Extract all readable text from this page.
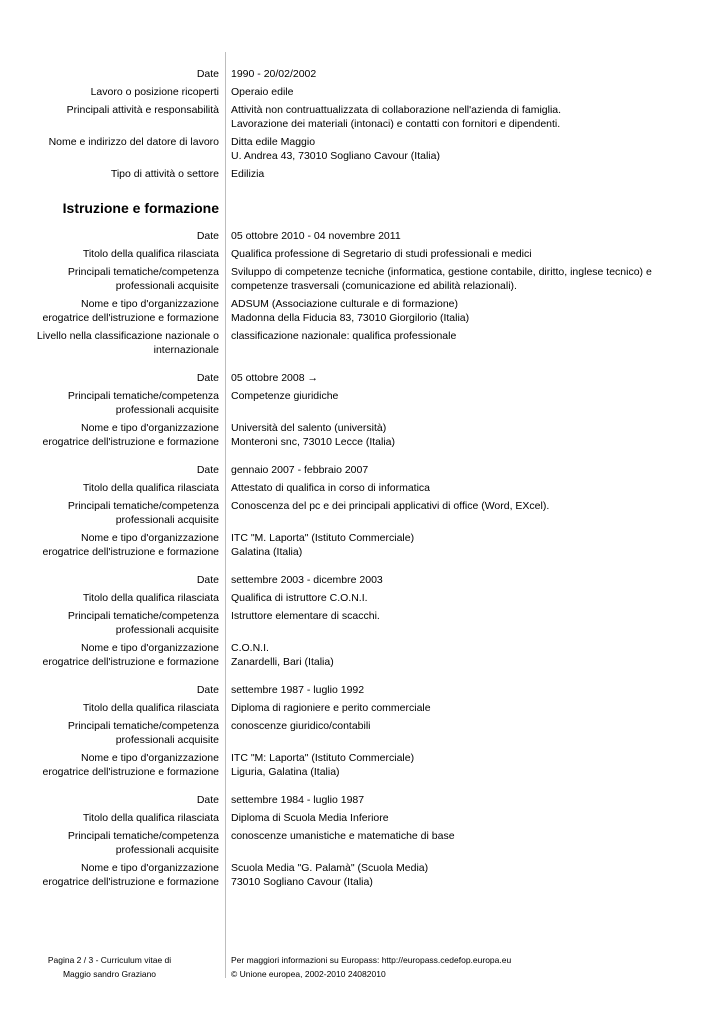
Date 1990 - 20/02/2002
Lavoro o posizione ricoperti Operaio edile
Principali attività e responsabilità Attività non contruattualizzata di collaborazione nell'azienda di famiglia.
Lavorazione dei materiali (intonaci) e contatti con fornitori e dipendenti.
Nome e indirizzo del datore di lavoro Ditta edile Maggio
U. Andrea 43, 73010 Sogliano Cavour (Italia)
Tipo di attività o settore Edilizia
Istruzione e formazione
Date 05 ottobre 2010 - 04 novembre 2011
Titolo della qualifica rilasciata Qualifica professione di Segretario di studi professionali e medici
Principali tematiche/competenza
professionali acquisite
Sviluppo di competenze tecniche (informatica, gestione contabile, diritto, inglese tecnico) e
competenze trasversali (comunicazione ed abilità relazionali).
Nome e tipo d'organizzazione
erogatrice dell'istruzione e formazione
ADSUM (Associazione culturale e di formazione)
Madonna della Fiducia 83, 73010 Giorgilorio (Italia)
Livello nella classificazione nazionale o
internazionale
classificazione nazionale: qualifica professionale
Date 05 ottobre 2008 →
Principali tematiche/competenza
professionali acquisite
Competenze giuridiche
Nome e tipo d'organizzazione
erogatrice dell'istruzione e formazione
Università del salento (università)
Monteroni snc, 73010 Lecce (Italia)
Date gennaio 2007 - febbraio 2007
Titolo della qualifica rilasciata Attestato di qualifica in corso di informatica
Principali tematiche/competenza
professionali acquisite
Conoscenza del pc e dei principali applicativi di office (Word, EXcel).
Nome e tipo d'organizzazione
erogatrice dell'istruzione e formazione
ITC "M. Laporta" (Istituto Commerciale)
Galatina (Italia)
Date settembre 2003 - dicembre 2003
Titolo della qualifica rilasciata Qualifica di istruttore C.O.N.I.
Principali tematiche/competenza
professionali acquisite
Istruttore elementare di scacchi.
Nome e tipo d'organizzazione
erogatrice dell'istruzione e formazione
C.O.N.I.
Zanardelli, Bari (Italia)
Date settembre 1987 - luglio 1992
Titolo della qualifica rilasciata Diploma di ragioniere e perito commerciale
Principali tematiche/competenza
professionali acquisite
conoscenze giuridico/contabili
Nome e tipo d'organizzazione
erogatrice dell'istruzione e formazione
ITC "M: Laporta" (Istituto Commerciale)
Liguria, Galatina (Italia)
Date settembre 1984 - luglio 1987
Titolo della qualifica rilasciata Diploma di Scuola Media Inferiore
Principali tematiche/competenza
professionali acquisite
conoscenze umanistiche e matematiche di base
Nome e tipo d'organizzazione
erogatrice dell'istruzione e formazione
Scuola Media "G. Palamà" (Scuola Media)
73010 Sogliano Cavour (Italia)
Pagina 2 / 3 - Curriculum vitae di
Maggio sandro Graziano
Per maggiori informazioni su Europass: http://europass.cedefop.europa.eu
© Unione europea, 2002-2010 24082010
